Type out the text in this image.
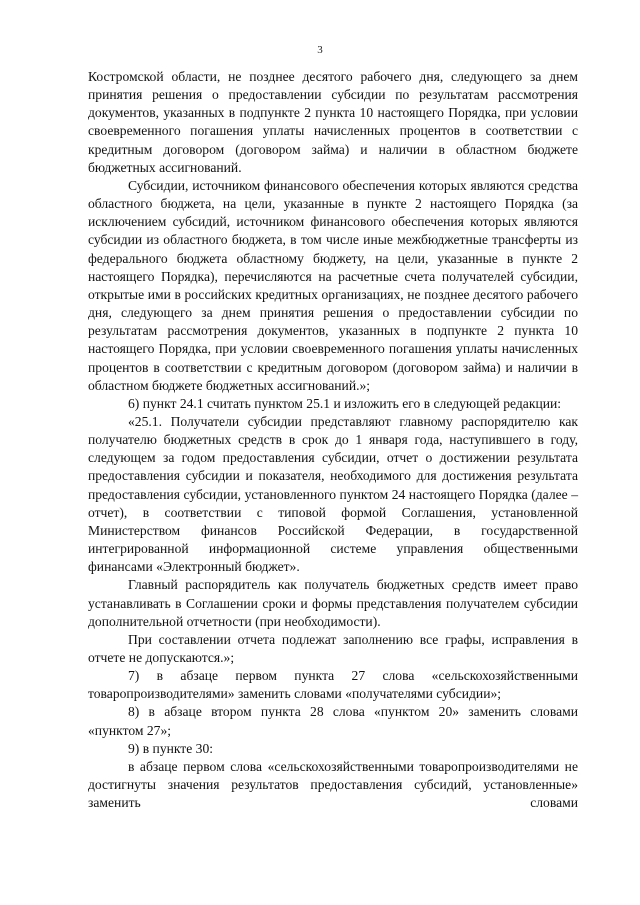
3

Костромской области, не позднее десятого рабочего дня, следующего за днем принятия решения о предоставлении субсидии по результатам рассмотрения документов, указанных в подпункте 2 пункта 10 настоящего Порядка, при условии своевременного погашения уплаты начисленных процентов в соответствии с кредитным договором (договором займа) и наличии в областном бюджете бюджетных ассигнований.

Субсидии, источником финансового обеспечения которых являются средства областного бюджета, на цели, указанные в пункте 2 настоящего Порядка (за исключением субсидий, источником финансового обеспечения которых являются субсидии из областного бюджета, в том числе иные межбюджетные трансферты из федерального бюджета областному бюджету, на цели, указанные в пункте 2 настоящего Порядка), перечисляются на расчетные счета получателей субсидии, открытые ими в российских кредитных организациях, не позднее десятого рабочего дня, следующего за днем принятия решения о предоставлении субсидии по результатам рассмотрения документов, указанных в подпункте 2 пункта 10 настоящего Порядка, при условии своевременного погашения уплаты начисленных процентов в соответствии с кредитным договором (договором займа) и наличии в областном бюджете бюджетных ассигнований.»;

6) пункт 24.1 считать пунктом 25.1 и изложить его в следующей редакции:

«25.1. Получатели субсидии представляют главному распорядителю как получателю бюджетных средств в срок до 1 января года, наступившего в году, следующем за годом предоставления субсидии, отчет о достижении результата предоставления субсидии и показателя, необходимого для достижения результата предоставления субсидии, установленного пунктом 24 настоящего Порядка (далее – отчет), в соответствии с типовой формой Соглашения, установленной Министерством финансов Российской Федерации, в государственной интегрированной информационной системе управления общественными финансами «Электронный бюджет».

Главный распорядитель как получатель бюджетных средств имеет право устанавливать в Соглашении сроки и формы представления получателем субсидии дополнительной отчетности (при необходимости).

При составлении отчета подлежат заполнению все графы, исправления в отчете не допускаются.»;

7) в абзаце первом пункта 27 слова «сельскохозяйственными товаропроизводителями» заменить словами «получателями субсидии»;

8) в абзаце втором пункта 28 слова «пунктом 20» заменить словами «пунктом 27»;

9) в пункте 30:

в абзаце первом слова «сельскохозяйственными товаропроизводителями не достигнуты значения результатов предоставления субсидий, установленные» заменить словами
